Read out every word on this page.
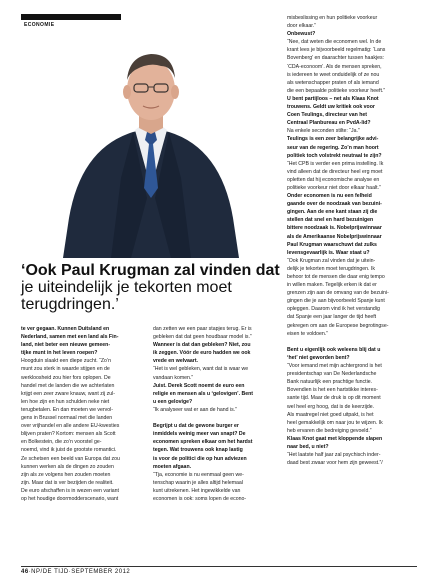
ECONOMIE
misbeslissing en hun politieke voorkeur
door elkaar.”
Onbewust?
“Nee, dat weten die economen wel. In de
krant lees je bijvoorbeeld regelmatig: ‘Lans
Bovenberg’ en daarachter tussen haakjes:
‘CDA-econoom’. Als de mensen spreken,
is iedereen te weet onduidelijk of ze nou
als wetenschapper praten of als iemand
die een bepaalde politieke voorkeur heeft.”
U bent partijloos – net als Klaas Knot
trouwens. Geldt uw kritiek ook voor
Coen Teulings, directeur van het
Centraal Planbureau en PvdA-lid?
Na enkele seconden stilte: “Ja.”
Teulings is een zeer belangrijke advi-
seur van de regering. Zo’n man hoort
politiek toch volstrekt neutraal te zijn?
“Het CPB is verder een prima instelling. Ik
vind alleen dat de directeur heel erg moet
opletten dat hij economische analyse en
politieke voorkeur niet door elkaar haalt.”
Onder economen is nu een felheid
gaande over de noodzaak van bezuini-
gingen. Aan de ene kant staan zij die
stellen dat snel en hard bezuinigen
bittere noodzaak is. Nobelprijswinnaar
als de Amerikaanse Nobelprijswinnaar
Paul Krugman waarschuwt dat zulks
levensgevaarlijk is. Waar staat u?
“Ook Krugman zal vinden dat je uitein-
delijk je tekorten moet terugdringen. Ik
behoor tot de mensen die daar enig tempo
in willen maken. Tegelijk erken ik dat er
grenzen zijn aan de omvang van de bezuini-
gingen die je aan bijvoorbeeld Spanje kunt
opleggen. Daarom vind ik het verstandig
dat Spanje een jaar langer de tijd heeft
gekregen om aan de Europese begrotingse-
eisen te voldoen.”

Bent u eigenlijk ook weleens blij dat u
‘het’ niet geworden bent?
“Voor iemand met mijn achtergrond is het
presidentschap van De Nederlandsche
Bank natuurlijk een prachtige functie.
Bovendien is het een hartstikke interes-
sante tijd. Maar de druk is op dit moment
wel heel erg hoog, dat is de keerzijde.
Als maatregel niet goed uitpakt, is het
heel gemakkelijk om naar jou te wijzen. Ik
heb ervaren die bedreiging gevoeld.”
Klaas Knot gaat met kloppende slapen
naar bed, u niet?
“Het laatste half jaar zal psychisch inder-
daad best zwaar voor hem zijn geweest.”/
‘Ook Paul Krugman zal vinden dat je uiteindelijk je tekorten moet terugdringen.’
te ver gegaan. Kunnen Duitsland en
Nederland, samen met een land als Fin-
land, niet beter een nieuwe gemeen-
tijke munt in het leven roepen?
Hoogduin slaakt een diepe zucht. “Zo’n
munt zou sterk in waarde stijgen en de
werkloosheid zou hier fors oplopen. De
handel met de landen die we achterlaten
krijgt een zeer zware knauw, want zij zul-
len hoe zijn en hun schulden neke niet
terugbetalen. En dan moeten we vervol-
gens in Brussel normaal met die landen
over vrijhandel en alle andere EU-kwesties
blijven praten? Kortom: mensen als Scott
en Bolkestein, die zo’n voorstel ge-
noemd, vind ik juist de grootste romantici.
Ze schetsen een beeld van Europa dat zou
kunnen werken als de dingen zo zouden
zijn als ze volgens hen zouden moeten
zijn. Maar dat is ver bezijden de realiteit.
De euro afschaffen is in wezen een variant
op het houdige doormodderscenario, want
dan zetten we een paar stapjes terug. Er is
gebleken dat dat geen houdbaar model is.”
Wanneer is dat dan gebleken? Niet, zou
ik zeggen. Vóór de euro hadden we ook
vrede en welvaart.
“Het is wel gebleken, want dat is waar we
vandaan komen.”
Juist. Derek Scott noemt de euro een
religie en mensen als u ‘gelovigen’. Bent
u een gelovige?
“Ik analyseer wat er aan de hand is.”

Begrijpt u dat de gewone burger er
inmiddels weinig meer van snapt? De
economen spreken elkaar om het hardst
tegen. Wat trouwens ook knap lastig
is voor de politici die op hun adviezen
moeten afgaan.
“Tja, economie is nu eenmaal geen we-
tenschap waarin je alles altijd helemaal
kunt uitrekenen. Het ingewikkelde van
economen is ook: soms lopen de econo-
46·NP/DE TIJD·SEPTEMBER 2012
